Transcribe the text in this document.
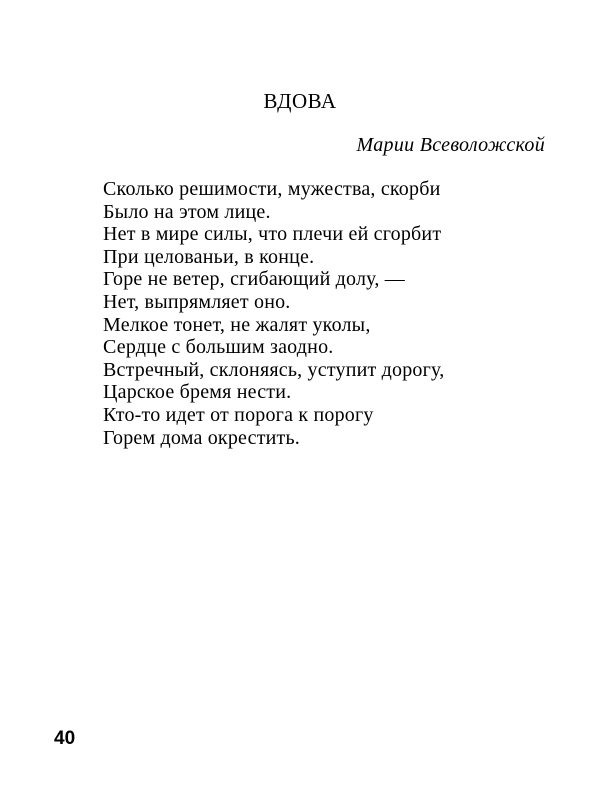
ВДОВА
Марии Всеволожской
Сколько решимости, мужества, скорби
Было на этом лице.
Нет в мире силы, что плечи ей сгорбит
При целованьи, в конце.
Горе не ветер, сгибающий долу, —
Нет, выпрямляет оно.
Мелкое тонет, не жалят уколы,
Сердце с большим заодно.
Встречный, склоняясь, уступит дорогу,
Царское бремя нести.
Кто-то идет от порога к порогу
Горем дома окрестить.
40
